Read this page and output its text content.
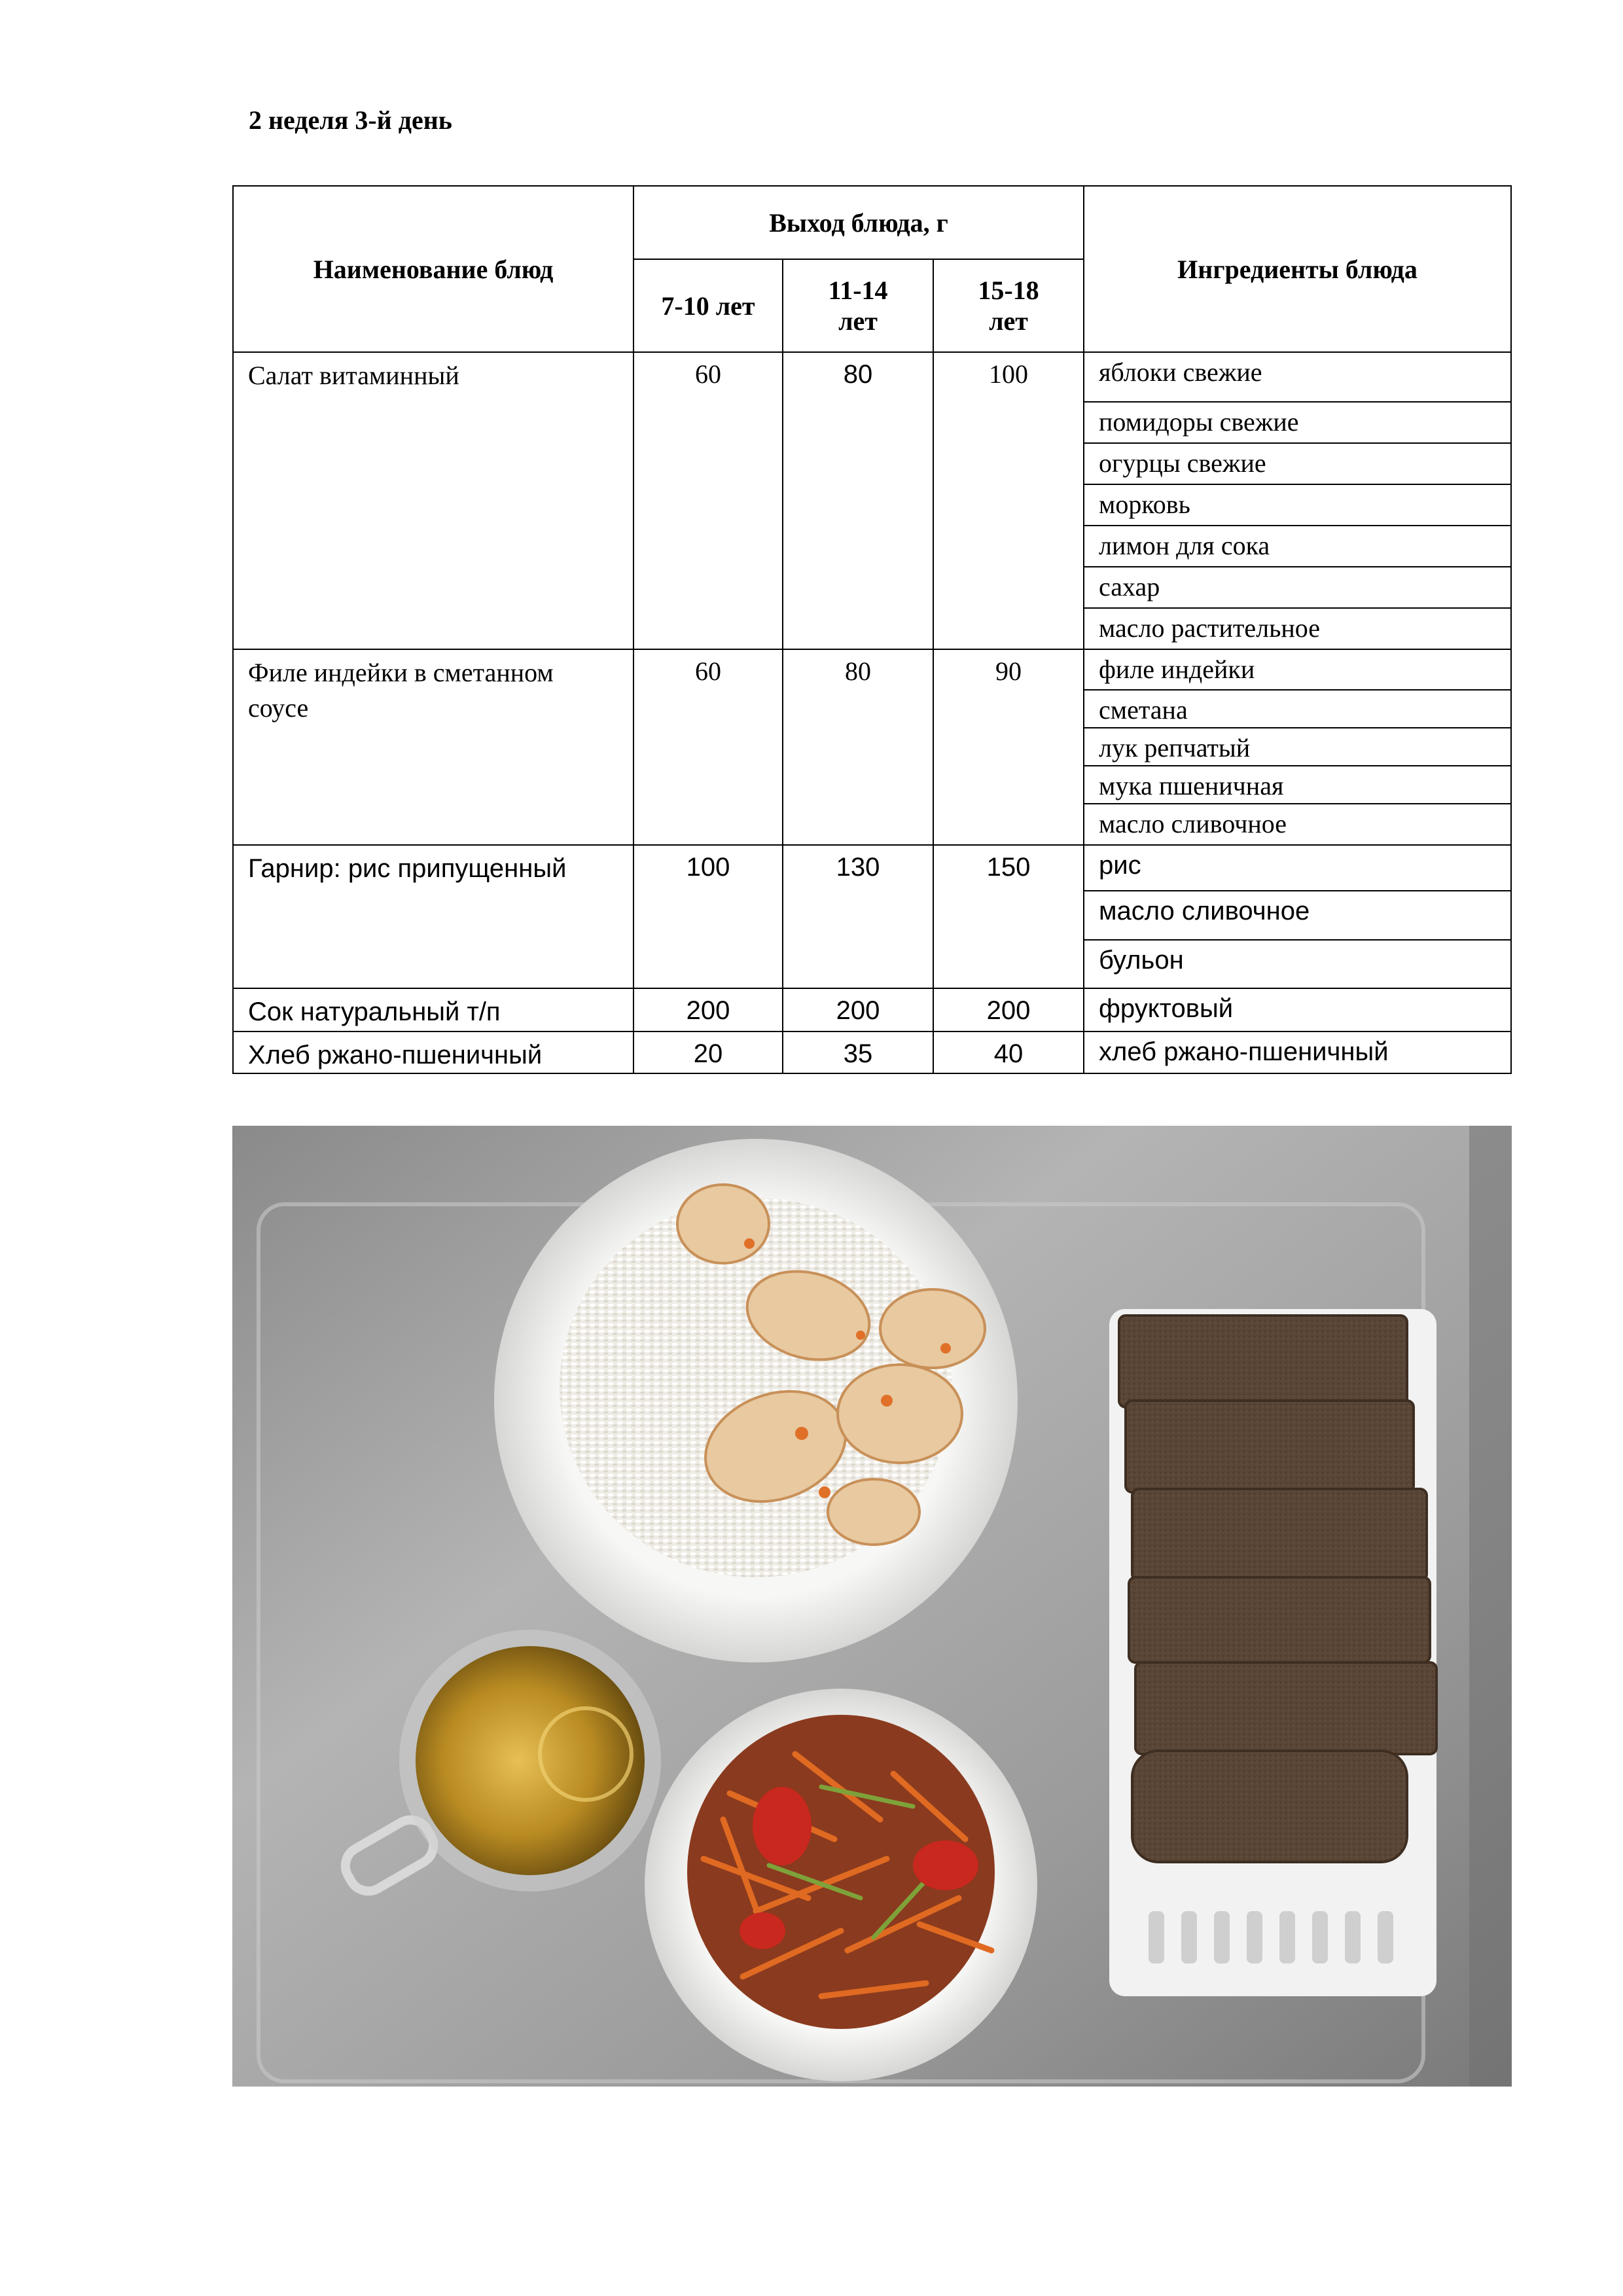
2 неделя 3-й день
Наименование блюд	Выход блюда, г			Ингредиенты блюда
	7-10 лет	11-14 лет	15-18 лет	
Салат витаминный	60	80	100	яблоки свежие
				помидоры свежие
				огурцы свежие
				морковь
				лимон для сока
				сахар
				масло растительное
Филе индейки в сметанном соусе	60	80	90	филе индейки
				сметана
				лук репчатый
				мука пшеничная
				масло сливочное
Гарнир: рис припущенный	100	130	150	рис
				масло сливочное
				бульон
Сок натуральный т/п	200	200	200	фруктовый
Хлеб ржано-пшеничный	20	35	40	хлеб ржано-пшеничный
